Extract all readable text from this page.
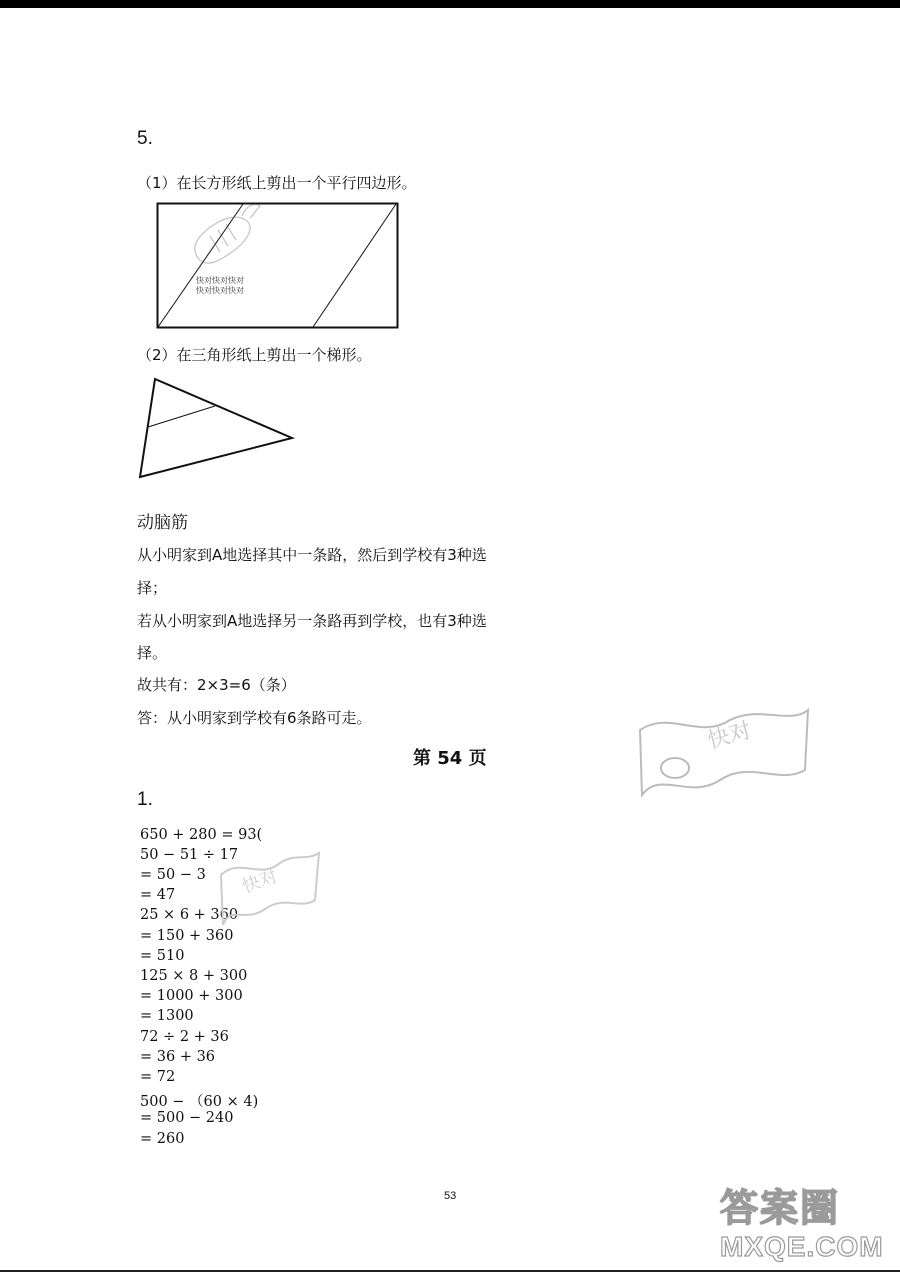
5.
（1）在长方形纸上剪出一个平行四边形。
快对快对快对
快对快对快对
（2）在三角形纸上剪出一个梯形。
动脑筋
从小明家到A地选择其中一条路，然后到学校有3种选
择；
若从小明家到A地选择另一条路再到学校，也有3种选
择。
故共有：2×3=6（条）
答：从小明家到学校有6条路可走。
快对
第 54 页
1.
650 + 280 = 93(
50 − 51 ÷ 17
= 50 − 3
= 47
25 × 6 + 360
= 150 + 360
= 510
125 × 8 + 300
= 1000 + 300
= 1300
72 ÷ 2 + 36
= 36 + 36
= 72
500 − （60 × 4)
= 500 − 240
= 260
快对
53	答案圈
MXQE.COM
